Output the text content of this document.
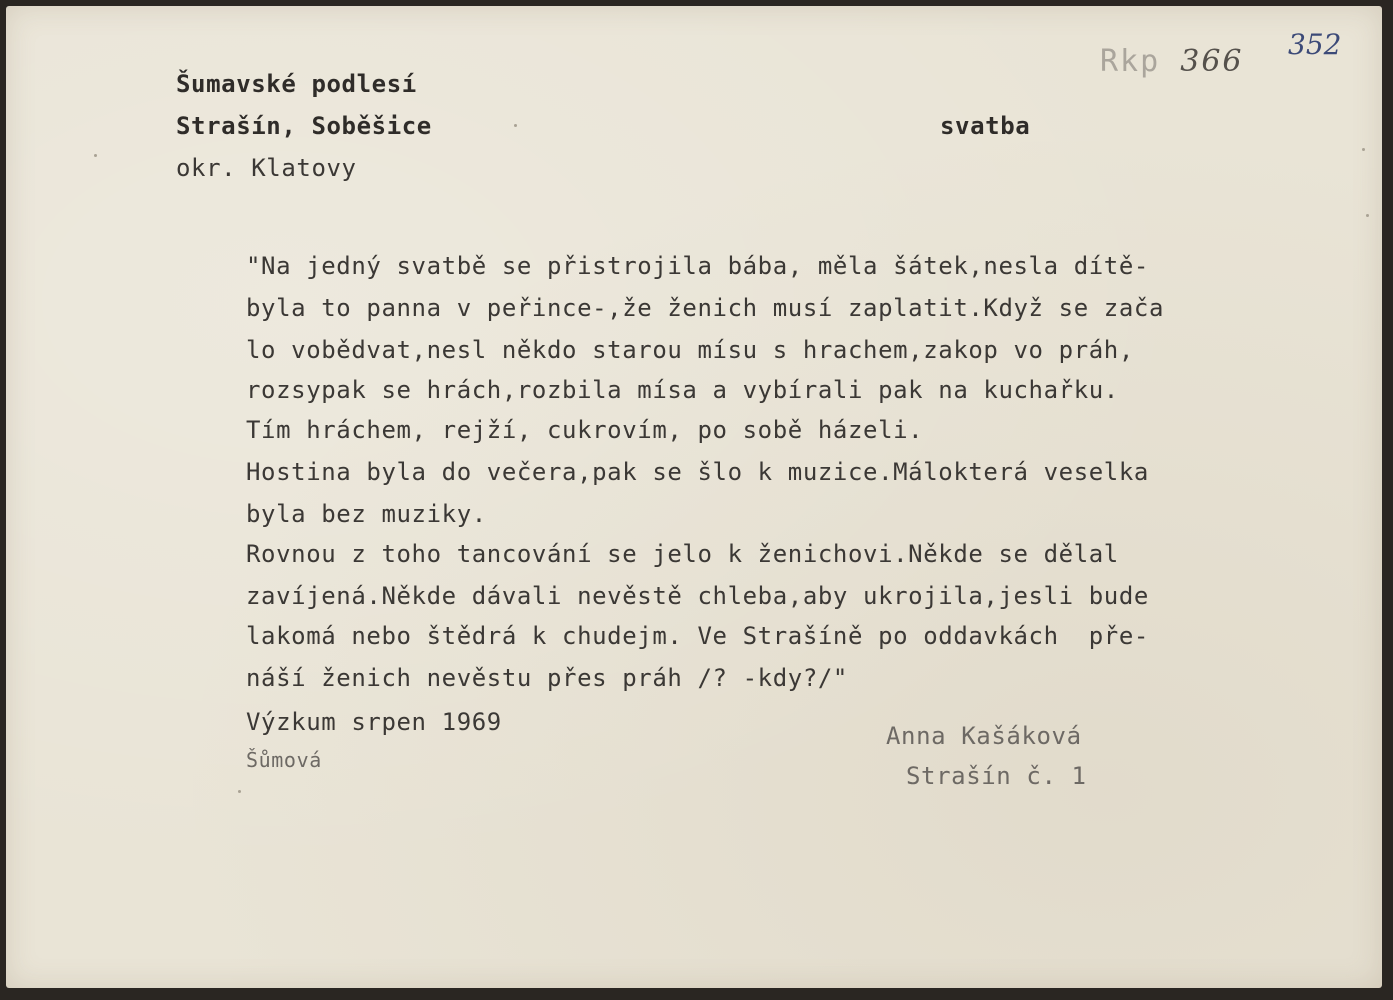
Rkp 366 352
Šumavské podlesí
Strašín, Soběšice	svatba
okr. Klatovy
"Na jedný svatbě se přistrojila bába, měla šátek,nesla dítě-
byla to panna v peřince-,že ženich musí zaplatit.Když se zača
lo vobědvat,nesl někdo starou mísu s hrachem,zakop vo práh,
rozsypak se hrách,rozbila mísa a vybírali pak na kuchařku.
Tím hráchem, rejží, cukrovím, po sobě házeli.
Hostina byla do večera,pak se šlo k muzice.Málokterá veselka
byla bez muziky.
Rovnou z toho tancování se jelo k ženichovi.Někde se dělal
zavíjená.Někde dávali nevěstě chleba,aby ukrojila,jesli bude
lakomá nebo štědrá k chudejm. Ve Strašíně po oddavkách  pře-
náší ženich nevěstu přes práh /? -kdy?/"
Výzkum srpen 1969
Šůmová
Anna Kašáková
Strašín č. 1
